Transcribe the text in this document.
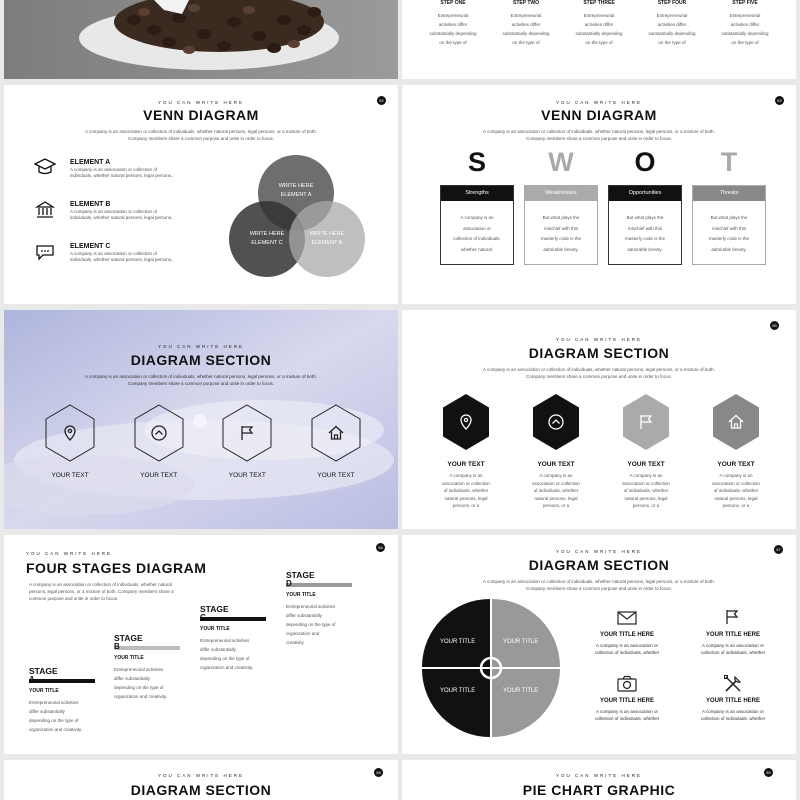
STEP ONE
Entrepreneurial
activities differ
substantially depending
on the type of
STEP TWO
Entrepreneurial
activities differ
substantially depending
on the type of
STEP THREE
Entrepreneurial
activities differ
substantially depending
on the type of
STEP FOUR
Entrepreneurial
activities differ
substantially depending
on the type of
STEP FIVE
Entrepreneurial
activities differ
substantially depending
on the type of
YOU CAN WRITE HERE
VENN DIAGRAM
52
A company is an association or collection of individuals, whether natural persons, legal persons, or a mixture of both.
Company members share a common purpose and unite in order to focus.
ELEMENT A
A company is an association or collection of
individuals, whether natural persons, legal persons,.
ELEMENT B
A company is an association or collection of
individuals, whether natural persons, legal persons,.
ELEMENT C
A company is an association or collection of
individuals, whether natural persons, legal persons,.
WRITE HERE
ELEMENT A
WRITE HERE
ELEMENT C
WRITE HERE
ELEMENT B
YOU CAN WRITE HERE
VENN DIAGRAM
53
A company is an association or collection of individuals, whether natural persons, legal persons, or a mixture of both.
Company members share a common purpose and unite in order to focus.
S
Strengths
A company is an
association or
collection of individuals,
whether natural.
W
Weaknesses
But what plays the
mischief with this
masterly code is the
admirable brevity.
O
Opportunities
But what plays the
mischief with this
masterly code is the
admirable brevity.
T
Threats
But what plays the
mischief with this
masterly code is the
admirable brevity.
YOU CAN WRITE HERE
DIAGRAM SECTION
A company is an association or collection of individuals, whether natural persons, legal persons, or a mixture of both.
Company members share a common purpose and unite in order to focus.
YOUR TEXT	YOUR TEXT	YOUR TEXT	YOUR TEXT
YOU CAN WRITE HERE
DIAGRAM SECTION
55
A company is an association or collection of individuals, whether natural persons, legal persons, or a mixture of both.
Company members share a common purpose and unite in order to focus.
YOUR TEXT
A company is an
association or collection
of individuals, whether
natural persons, legal
persons, or a
YOUR TEXT
A company is an
association or collection
of individuals, whether
natural persons, legal
persons, or a
YOUR TEXT
A company is an
association or collection
of individuals, whether
natural persons, legal
persons, or a
YOUR TEXT
A company is an
association or collection
of individuals, whether
natural persons, legal
persons, or a
YOU CAN WRITE HERE
FOUR STAGES DIAGRAM
56
A company is an association or collection of individuals, whether natural
persons, legal persons, or a mixture of both. Company members share a
common purpose and unite in order to focus.
STAGE
A
YOUR TITLE
Entrepreneurial activities
differ substantially
depending on the type of
organization and creativity.
STAGE
B
YOUR TITLE
Entrepreneurial activities
differ substantially
depending on the type of
organization and creativity.
STAGE
C
YOUR TITLE
Entrepreneurial activities
differ substantially
depending on the type of
organization and creativity.
STAGE
D
YOUR TITLE
Entrepreneurial activities
differ substantially
depending on the type of
organization and
creativity.
YOU CAN WRITE HERE
DIAGRAM SECTION
57
A company is an association or collection of individuals, whether natural persons, legal persons, or a mixture of both.
Company members share a common purpose and unite in order to focus.
YOUR TITLE	YOUR TITLE
YOUR TITLE	YOUR TITLE
YOUR TITLE HERE
A company is an association or
collection of individuals, whether
YOUR TITLE HERE
A company is an association or
collection of individuals, whether
YOUR TITLE HERE
A company is an association or
collection of individuals, whether
YOUR TITLE HERE
A company is an association or
collection of individuals, whether
YOU CAN WRITE HERE
DIAGRAM SECTION
58
YOU CAN WRITE HERE
PIE CHART GRAPHIC
59
